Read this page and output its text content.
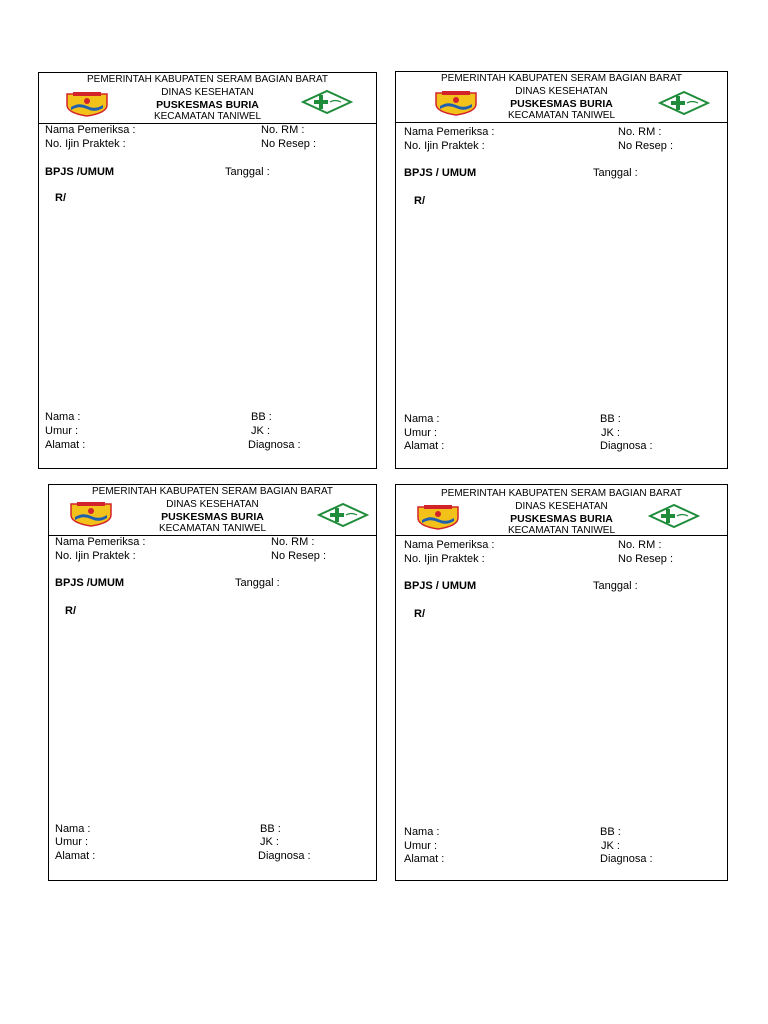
PEMERINTAH KABUPATEN SERAM BAGIAN BARAT
DINAS KESEHATAN
PUSKESMAS BURIA
KECAMATAN TANIWEL
Nama Pemeriksa :	No. RM :
No. Ijin Praktek :	No Resep :
BPJS /UMUM	Tanggal :
R/
Nama :	BB :
Umur :	JK :
Alamat :	Diagnosa :
PEMERINTAH KABUPATEN SERAM BAGIAN BARAT
DINAS KESEHATAN
PUSKESMAS BURIA
KECAMATAN TANIWEL
Nama Pemeriksa :	No. RM :
No. Ijin Praktek :	No Resep :
BPJS / UMUM	Tanggal :
R/
Nama :	BB :
Umur :	JK :
Alamat :	Diagnosa :
PEMERINTAH KABUPATEN SERAM BAGIAN BARAT
DINAS KESEHATAN
PUSKESMAS BURIA
KECAMATAN TANIWEL
Nama Pemeriksa :	No. RM :
No. Ijin Praktek :	No Resep :
BPJS /UMUM	Tanggal :
R/
Nama :	BB :
Umur :	JK :
Alamat :	Diagnosa :
PEMERINTAH KABUPATEN SERAM BAGIAN BARAT
DINAS KESEHATAN
PUSKESMAS BURIA
KECAMATAN TANIWEL
Nama Pemeriksa :	No. RM :
No. Ijin Praktek :	No Resep :
BPJS / UMUM	Tanggal :
R/
Nama :	BB :
Umur :	JK :
Alamat :	Diagnosa :
